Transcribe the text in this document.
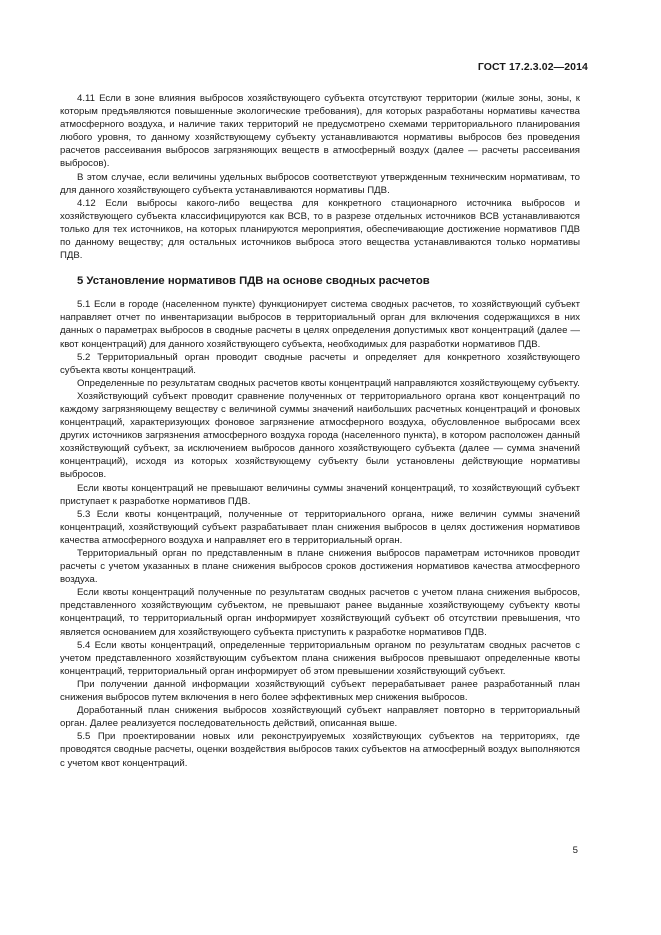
ГОСТ 17.2.3.02—2014

4.11 Если в зоне влияния выбросов хозяйствующего субъекта отсутствуют территории (жилые зоны, зоны, к которым предъявляются повышенные экологические требования), для которых разработаны нормативы качества атмосферного воздуха, и наличие таких территорий не предусмотрено схемами территориального планирования любого уровня, то данному хозяйствующему субъекту устанавливаются нормативы выбросов без проведения расчетов рассеивания выбросов загрязняющих веществ в атмосферный воздух (далее — расчеты рассеивания выбросов).

В этом случае, если величины удельных выбросов соответствуют утвержденным техническим нормативам, то для данного хозяйствующего субъекта устанавливаются нормативы ПДВ.

4.12 Если выбросы какого-либо вещества для конкретного стационарного источника выбросов и хозяйствующего субъекта классифицируются как ВСВ, то в разрезе отдельных источников ВСВ устанавливаются только для тех источников, на которых планируются мероприятия, обеспечивающие достижение нормативов ПДВ по данному веществу; для остальных источников выброса этого вещества устанавливаются только нормативы ПДВ.

5 Установление нормативов ПДВ на основе сводных расчетов

5.1 Если в городе (населенном пункте) функционирует система сводных расчетов, то хозяйствующий субъект направляет отчет по инвентаризации выбросов в территориальный орган для включения содержащихся в них данных о параметрах выбросов в сводные расчеты в целях определения допустимых квот концентраций (далее — квот концентраций) для данного хозяйствующего субъекта, необходимых для разработки нормативов ПДВ.

5.2 Территориальный орган проводит сводные расчеты и определяет для конкретного хозяйствующего субъекта квоты концентраций.

Определенные по результатам сводных расчетов квоты концентраций направляются хозяйствующему субъекту.

Хозяйствующий субъект проводит сравнение полученных от территориального органа квот концентраций по каждому загрязняющему веществу с величиной суммы значений наибольших расчетных концентраций и фоновых концентраций, характеризующих фоновое загрязнение атмосферного воздуха, обусловленное выбросами всех других источников загрязнения атмосферного воздуха города (населенного пункта), в котором расположен данный хозяйствующий субъект, за исключением выбросов данного хозяйствующего субъекта (далее — сумма значений концентраций), исходя из которых хозяйствующему субъекту были установлены действующие нормативы выбросов.

Если квоты концентраций не превышают величины суммы значений концентраций, то хозяйствующий субъект приступает к разработке нормативов ПДВ.

5.3 Если квоты концентраций, полученные от территориального органа, ниже величин суммы значений концентраций, хозяйствующий субъект разрабатывает план снижения выбросов в целях достижения нормативов качества атмосферного воздуха и направляет его в территориальный орган.

Территориальный орган по представленным в плане снижения выбросов параметрам источников проводит расчеты с учетом указанных в плане снижения выбросов сроков достижения нормативов качества атмосферного воздуха.

Если квоты концентраций полученные по результатам сводных расчетов с учетом плана снижения выбросов, представленного хозяйствующим субъектом, не превышают ранее выданные хозяйствующему субъекту квоты концентраций, то территориальный орган информирует хозяйствующий субъект об отсутствии превышения, что является основанием для хозяйствующего субъекта приступить к разработке нормативов ПДВ.

5.4 Если квоты концентраций, определенные территориальным органом по результатам сводных расчетов с учетом представленного хозяйствующим субъектом плана снижения выбросов превышают определенные квоты концентраций, территориальный орган информирует об этом превышении хозяйствующий субъект.

При получении данной информации хозяйствующий субъект перерабатывает ранее разработанный план снижения выбросов путем включения в него более эффективных мер снижения выбросов.

Доработанный план снижения выбросов хозяйствующий субъект направляет повторно в территориальный орган. Далее реализуется последовательность действий, описанная выше.

5.5 При проектировании новых или реконструируемых хозяйствующих субъектов на территориях, где проводятся сводные расчеты, оценки воздействия выбросов таких субъектов на атмосферный воздух выполняются с учетом квот концентраций.

5
